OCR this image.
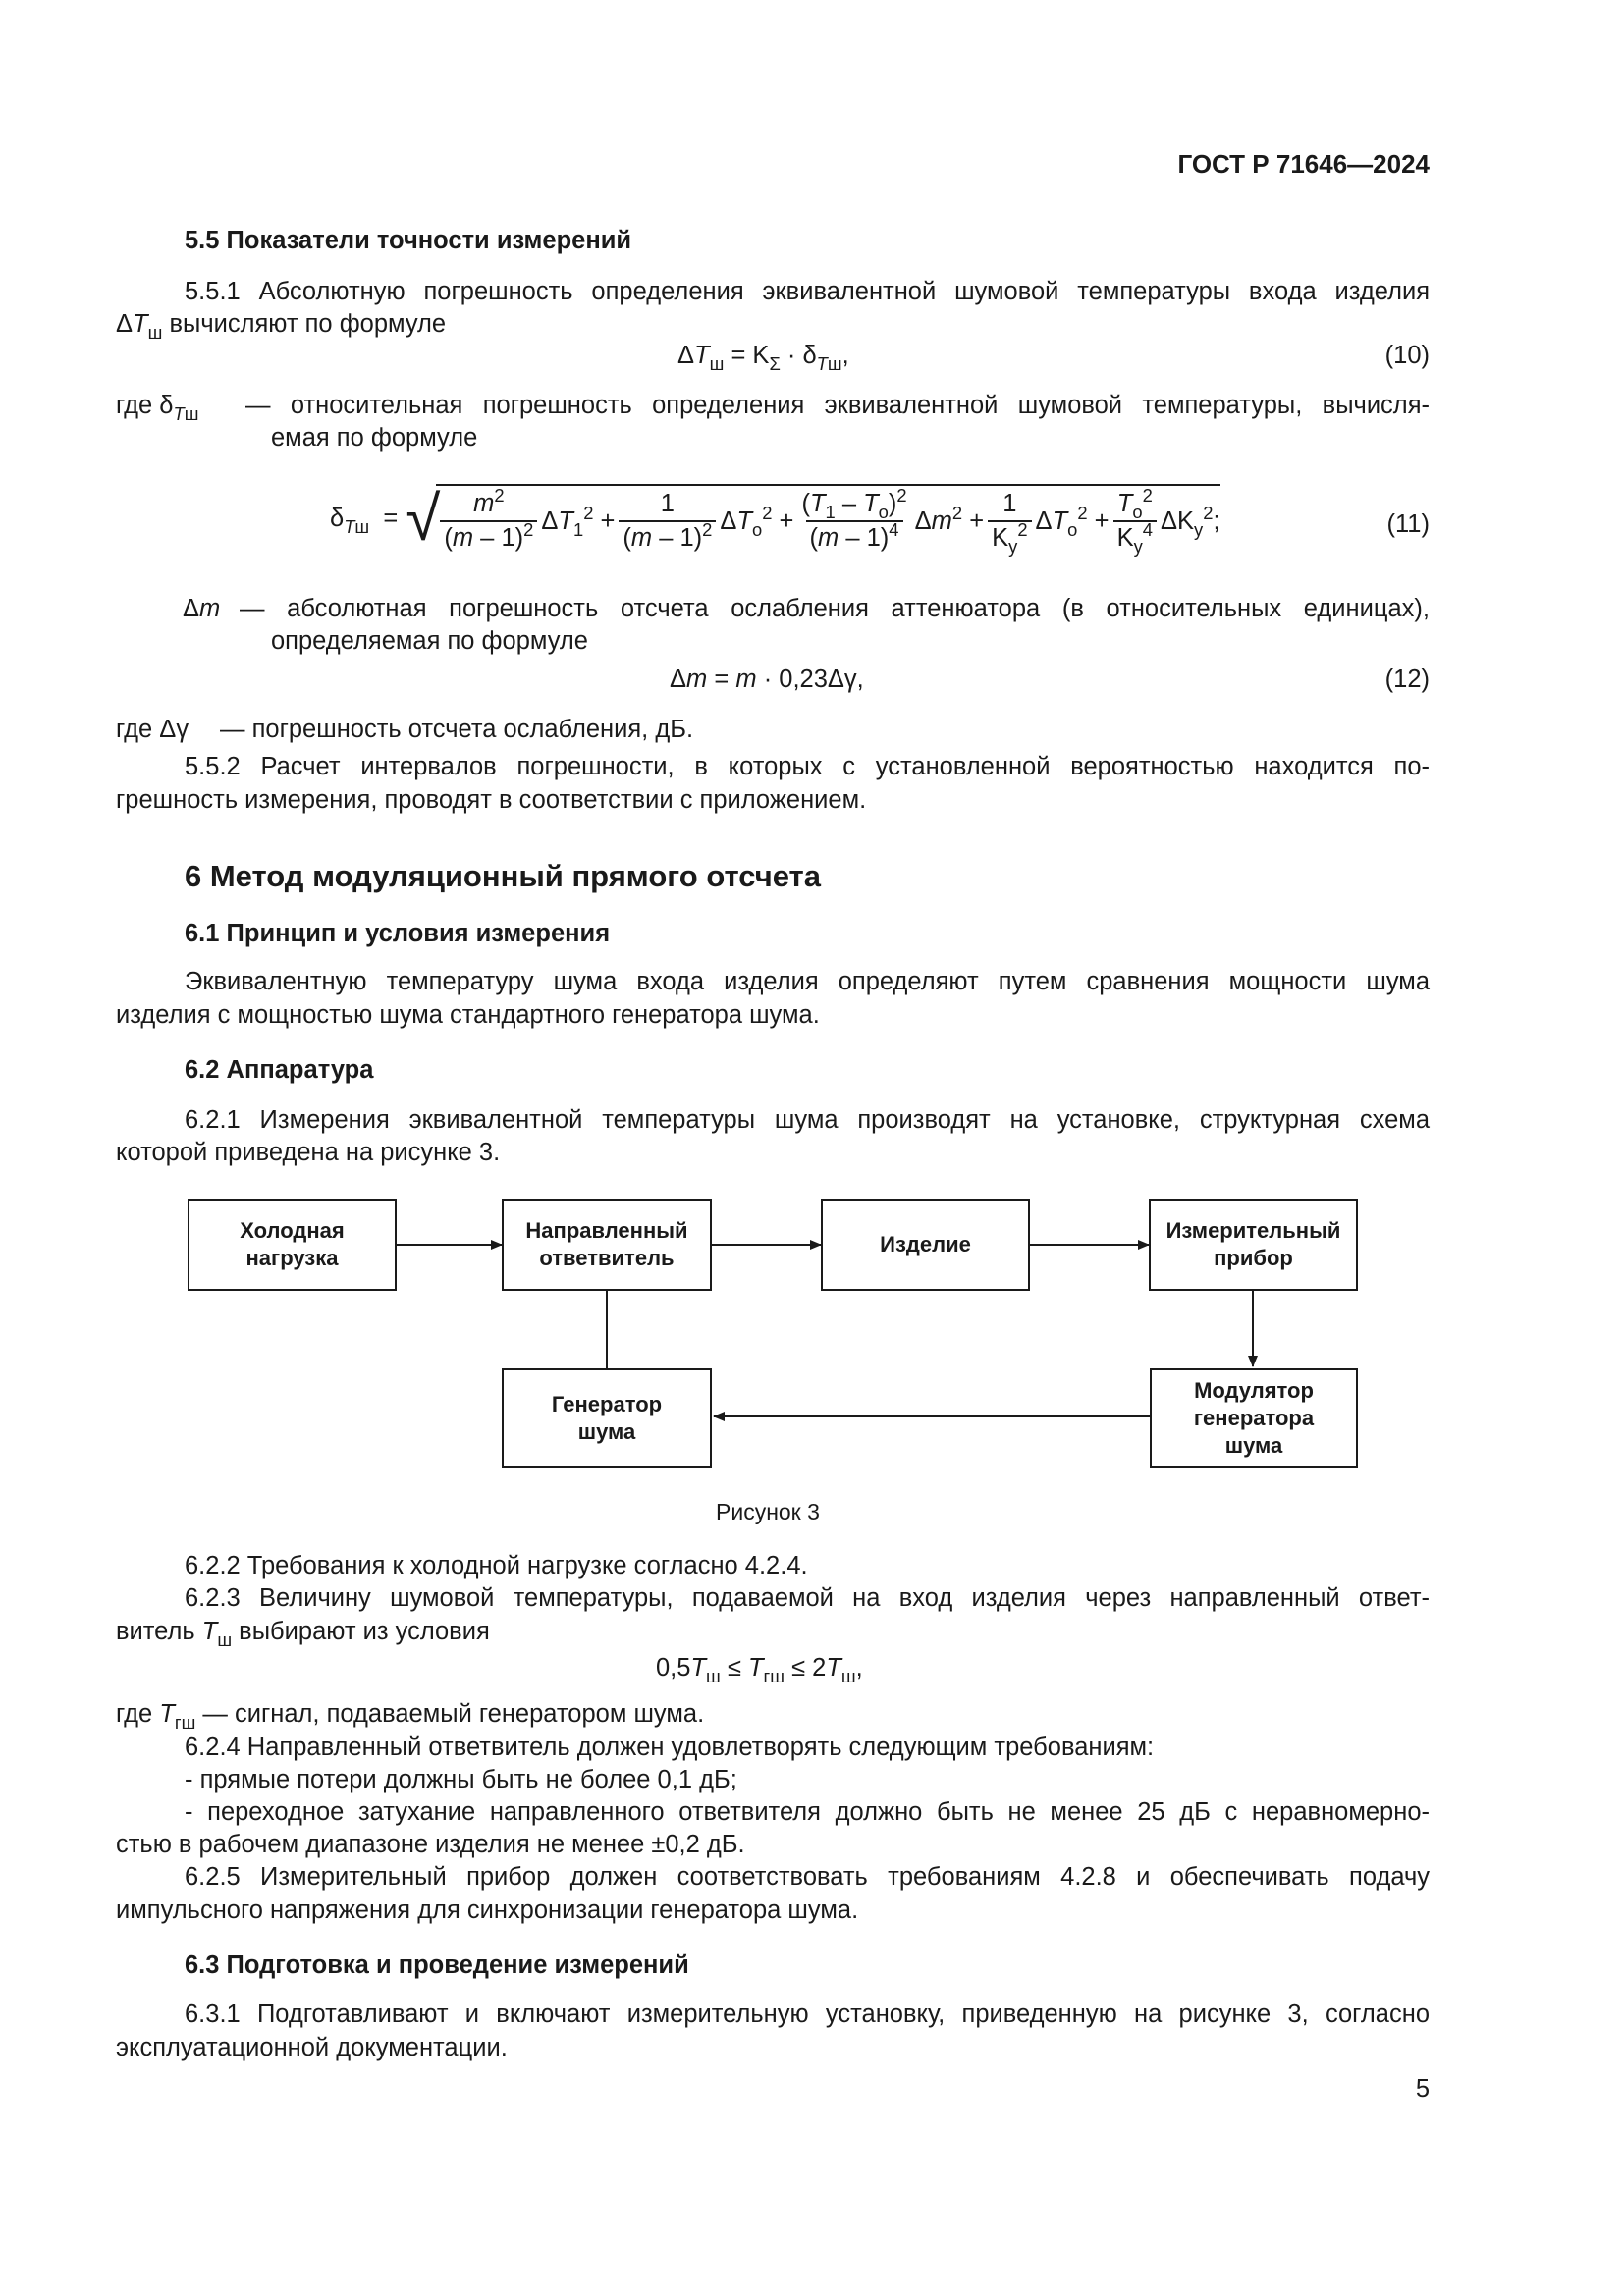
ГОСТ Р 71646—2024
5.5 Показатели точности измерений
5.5.1 Абсолютную погрешность определения эквивалентной шумовой температуры входа изделия
$\Delta T_ш$ вычисляют по формуле
$\Delta T_ш = K_\Sigma \cdot \delta_{Tш}$,	(10)
где $\delta_{Tш}$ — относительная погрешность определения эквивалентной шумовой температуры, вычисля-
емая по формуле
$\delta_{Tш}$  = √ $\frac{m^2}{(m - 1)^2} \Delta T_1^2 + \frac{1}{(m - 1)^2} \Delta T_o^2 + \frac{(T_1 - T_o)^2}{(m - 1)^4} \Delta m^2 + \frac{1}{K_y^2} \Delta T_o^2 + \frac{T_o^2}{K_y^4} \Delta K_y^2$;	(11)
Δm — абсолютная погрешность отсчета ослабления аттенюатора (в относительных единицах),
определяемая по формуле
Δm = m · 0,23Δγ,	(12)
где Δγ — погрешность отсчета ослабления, дБ.
5.5.2 Расчет интервалов погрешности, в которых с установленной вероятностью находится по-
грешность измерения, проводят в соответствии с приложением.
6 Метод модуляционный прямого отсчета
6.1 Принцип и условия измерения
Эквивалентную температуру шума входа изделия определяют путем сравнения мощности шума
изделия с мощностью шума стандартного генератора шума.
6.2 Аппаратура
6.2.1 Измерения эквивалентной температуры шума производят на установке, структурная схема
которой приведена на рисунке 3.
Холодная
нагрузка
Направленный
ответвитель
Изделие
Измерительный
прибор
Генератор
шума
Модулятор
генератора
шума
Рисунок 3
6.2.2 Требования к холодной нагрузке согласно 4.2.4.
6.2.3 Величину шумовой температуры, подаваемой на вход изделия через направленный ответ-
витель $T_ш$ выбирают из условия
$0,5T_ш \le T_{гш} \le 2T_ш$,
где $T_{гш}$ — сигнал, подаваемый генератором шума.
6.2.4 Направленный ответвитель должен удовлетворять следующим требованиям:
- прямые потери должны быть не более 0,1 дБ;
- переходное затухание направленного ответвителя должно быть не менее 25 дБ с неравномерно-
стью в рабочем диапазоне изделия не менее ±0,2 дБ.
6.2.5 Измерительный прибор должен соответствовать требованиям 4.2.8 и обеспечивать подачу
импульсного напряжения для синхронизации генератора шума.
6.3 Подготовка и проведение измерений
6.3.1 Подготавливают и включают измерительную установку, приведенную на рисунке 3, согласно
эксплуатационной документации.
5
